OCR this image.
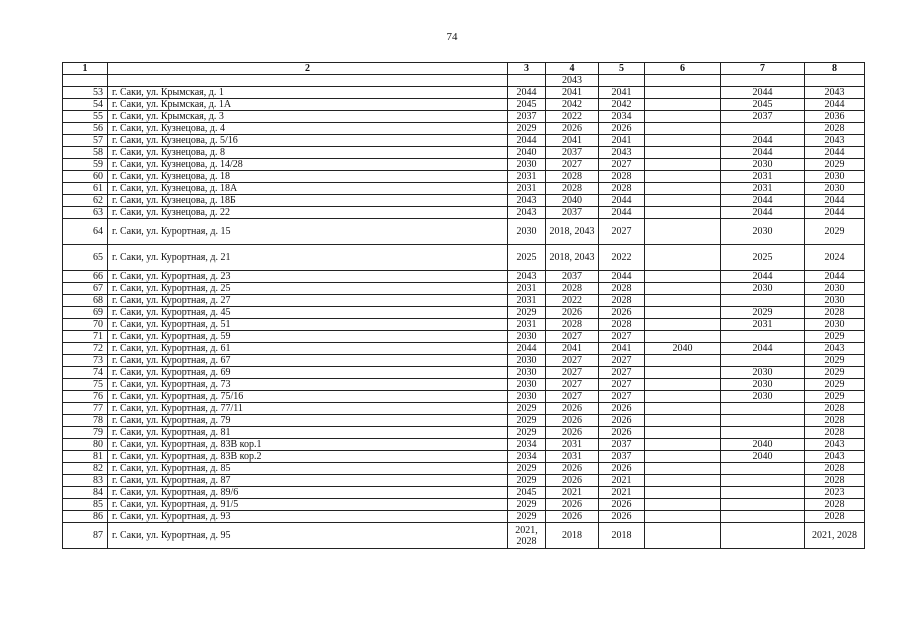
74
1	2	3	4	5	6	7	8
			2043				
53	г. Саки, ул. Крымская, д. 1	2044	2041	2041		2044	2043
54	г. Саки, ул. Крымская, д. 1А	2045	2042	2042		2045	2044
55	г. Саки, ул. Крымская, д. 3	2037	2022	2034		2037	2036
56	г. Саки, ул. Кузнецова, д. 4	2029	2026	2026			2028
57	г. Саки, ул. Кузнецова, д. 5/16	2044	2041	2041		2044	2043
58	г. Саки, ул. Кузнецова, д. 8	2040	2037	2043		2044	2044
59	г. Саки, ул. Кузнецова, д. 14/28	2030	2027	2027		2030	2029
60	г. Саки, ул. Кузнецова, д. 18	2031	2028	2028		2031	2030
61	г. Саки, ул. Кузнецова, д. 18А	2031	2028	2028		2031	2030
62	г. Саки, ул. Кузнецова, д. 18Б	2043	2040	2044		2044	2044
63	г. Саки, ул. Кузнецова, д. 22	2043	2037	2044		2044	2044
64	г. Саки, ул. Курортная, д. 15	2030	2018, 2043	2027		2030	2029
65	г. Саки, ул. Курортная, д. 21	2025	2018, 2043	2022		2025	2024
66	г. Саки, ул. Курортная, д. 23	2043	2037	2044		2044	2044
67	г. Саки, ул. Курортная, д. 25	2031	2028	2028		2030	2030
68	г. Саки, ул. Курортная, д. 27	2031	2022	2028			2030
69	г. Саки, ул. Курортная, д. 45	2029	2026	2026		2029	2028
70	г. Саки, ул. Курортная, д. 51	2031	2028	2028		2031	2030
71	г. Саки, ул. Курортная, д. 59	2030	2027	2027			2029
72	г. Саки, ул. Курортная, д. 61	2044	2041	2041	2040	2044	2043
73	г. Саки, ул. Курортная, д. 67	2030	2027	2027			2029
74	г. Саки, ул. Курортная, д. 69	2030	2027	2027		2030	2029
75	г. Саки, ул. Курортная, д. 73	2030	2027	2027		2030	2029
76	г. Саки, ул. Курортная, д. 75/16	2030	2027	2027		2030	2029
77	г. Саки, ул. Курортная, д. 77/11	2029	2026	2026			2028
78	г. Саки, ул. Курортная, д. 79	2029	2026	2026			2028
79	г. Саки, ул. Курортная, д. 81	2029	2026	2026			2028
80	г. Саки, ул. Курортная, д. 83В кор.1	2034	2031	2037		2040	2043
81	г. Саки, ул. Курортная, д. 83В кор.2	2034	2031	2037		2040	2043
82	г. Саки, ул. Курортная, д. 85	2029	2026	2026			2028
83	г. Саки, ул. Курортная, д. 87	2029	2026	2021			2028
84	г. Саки, ул. Курортная, д. 89/6	2045	2021	2021			2023
85	г. Саки, ул. Курортная, д. 91/5	2029	2026	2026			2028
86	г. Саки, ул. Курортная, д. 93	2029	2026	2026			2028
87	г. Саки, ул. Курортная, д. 95	2021, 2028	2018	2018			2021, 2028
